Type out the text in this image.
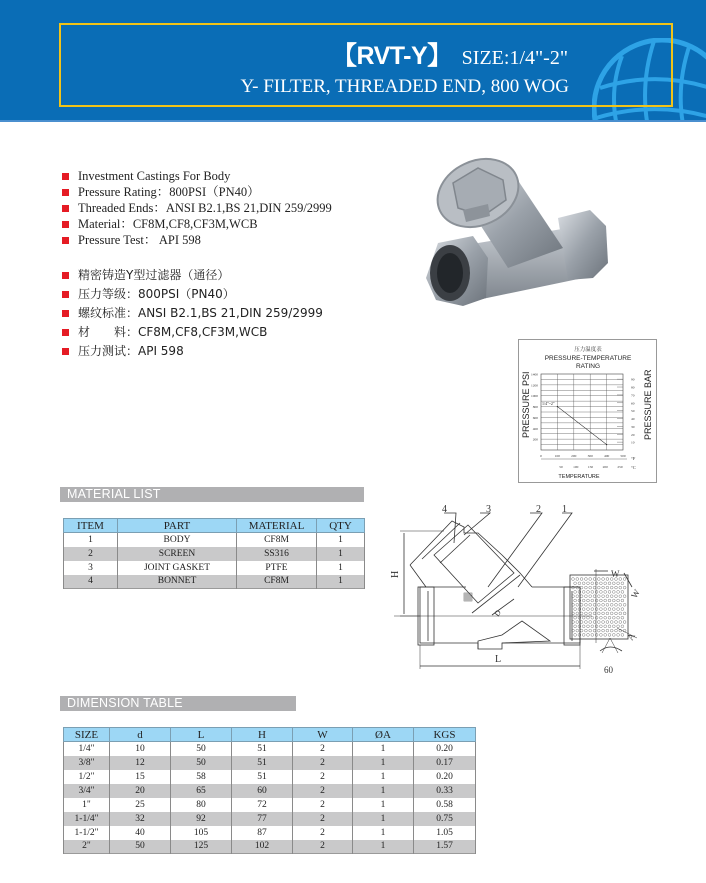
【RVT-Y】 SIZE:1/4"-2"
Y- FILTER, THREADED END, 800 WOG
Investment Castings For Body
Pressure Rating：800PSI（PN40）
Threaded Ends：ANSI B2.1,BS 21,DIN 259/2999
Material：CF8M,CF8,CF3M,WCB
Pressure Test： API 598
精密铸造Y型过滤器（通径）
压力等级：800PSI（PN40）
螺纹标准：ANSI B2.1,BS 21,DIN 259/2999
材　　料：CF8M,CF8,CF3M,WCB
压力测试：API 598	压力温度表
PRESSURE-TEMPERATURE
RATING
PRESSURE PSI	PRESSURE BAR
TEMPERATURE
°F
°C
1400
1200
1000
800
600
400
200
90
80
70
60
50
40
30
20
10
0	100	200	300	400	500
50	100	150	200	250
1/4"~2"
MATERIAL LIST
ITEM	PART	MATERIAL	QTY
1	BODY	CF8M	1
2	SCREEN	SS316	1
3	JOINT GASKET	PTFE	1
4	BONNET	CF8M	1
4	3	2 1
H
L
D
W
W
A
60
DIMENSION TABLE
SIZE	d	L	H	W	ØA	KGS
1/4"	10	50	51	2	1	0.20
3/8"	12	50	51	2	1	0.17
1/2"	15	58	51	2	1	0.20
3/4"	20	65	60	2	1	0.33
1"	25	80	72	2	1	0.58
1-1/4"	32	92	77	2	1	0.75
1-1/2"	40	105	87	2	1	1.05
2"	50	125	102	2	1	1.57
